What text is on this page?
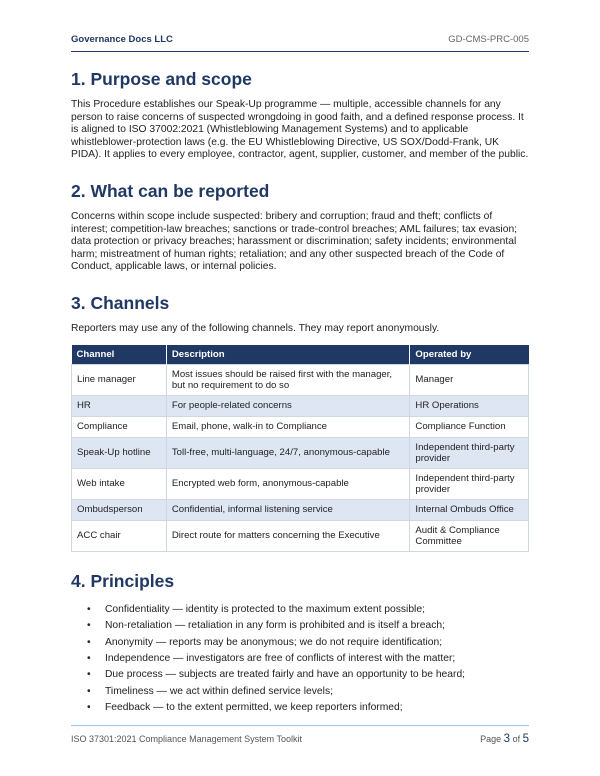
Governance Docs LLC	GD-CMS-PRC-005
1. Purpose and scope

This Procedure establishes our Speak-Up programme — multiple, accessible channels for any person to raise concerns of suspected wrongdoing in good faith, and a defined response process. It is aligned to ISO 37002:2021 (Whistleblowing Management Systems) and to applicable whistleblower-protection laws (e.g. the EU Whistleblowing Directive, US SOX/Dodd-Frank, UK PIDA). It applies to every employee, contractor, agent, supplier, customer, and member of the public.

2. What can be reported

Concerns within scope include suspected: bribery and corruption; fraud and theft; conflicts of interest; competition-law breaches; sanctions or trade-control breaches; AML failures; tax evasion; data protection or privacy breaches; harassment or discrimination; safety incidents; environmental harm; mistreatment of human rights; retaliation; and any other suspected breach of the Code of Conduct, applicable laws, or internal policies.

3. Channels

Reporters may use any of the following channels. They may report anonymously.

Channel	Description	Operated by
Line manager	Most issues should be raised first with the manager, but no requirement to do so	Manager
HR	For people-related concerns	HR Operations
Compliance	Email, phone, walk-in to Compliance	Compliance Function
Speak-Up hotline	Toll-free, multi-language, 24/7, anonymous-capable	Independent third-party provider
Web intake	Encrypted web form, anonymous-capable	Independent third-party provider
Ombudsperson	Confidential, informal listening service	Internal Ombuds Office
ACC chair	Direct route for matters concerning the Executive	Audit & Compliance Committee
4. Principles
•	Confidentiality — identity is protected to the maximum extent possible;
•	Non-retaliation — retaliation in any form is prohibited and is itself a breach;
•	Anonymity — reports may be anonymous; we do not require identification;
•	Independence — investigators are free of conflicts of interest with the matter;
•	Due process — subjects are treated fairly and have an opportunity to be heard;
•	Timeliness — we act within defined service levels;
•	Feedback — to the extent permitted, we keep reporters informed;
ISO 37301:2021 Compliance Management System Toolkit	Page 3 of 5
